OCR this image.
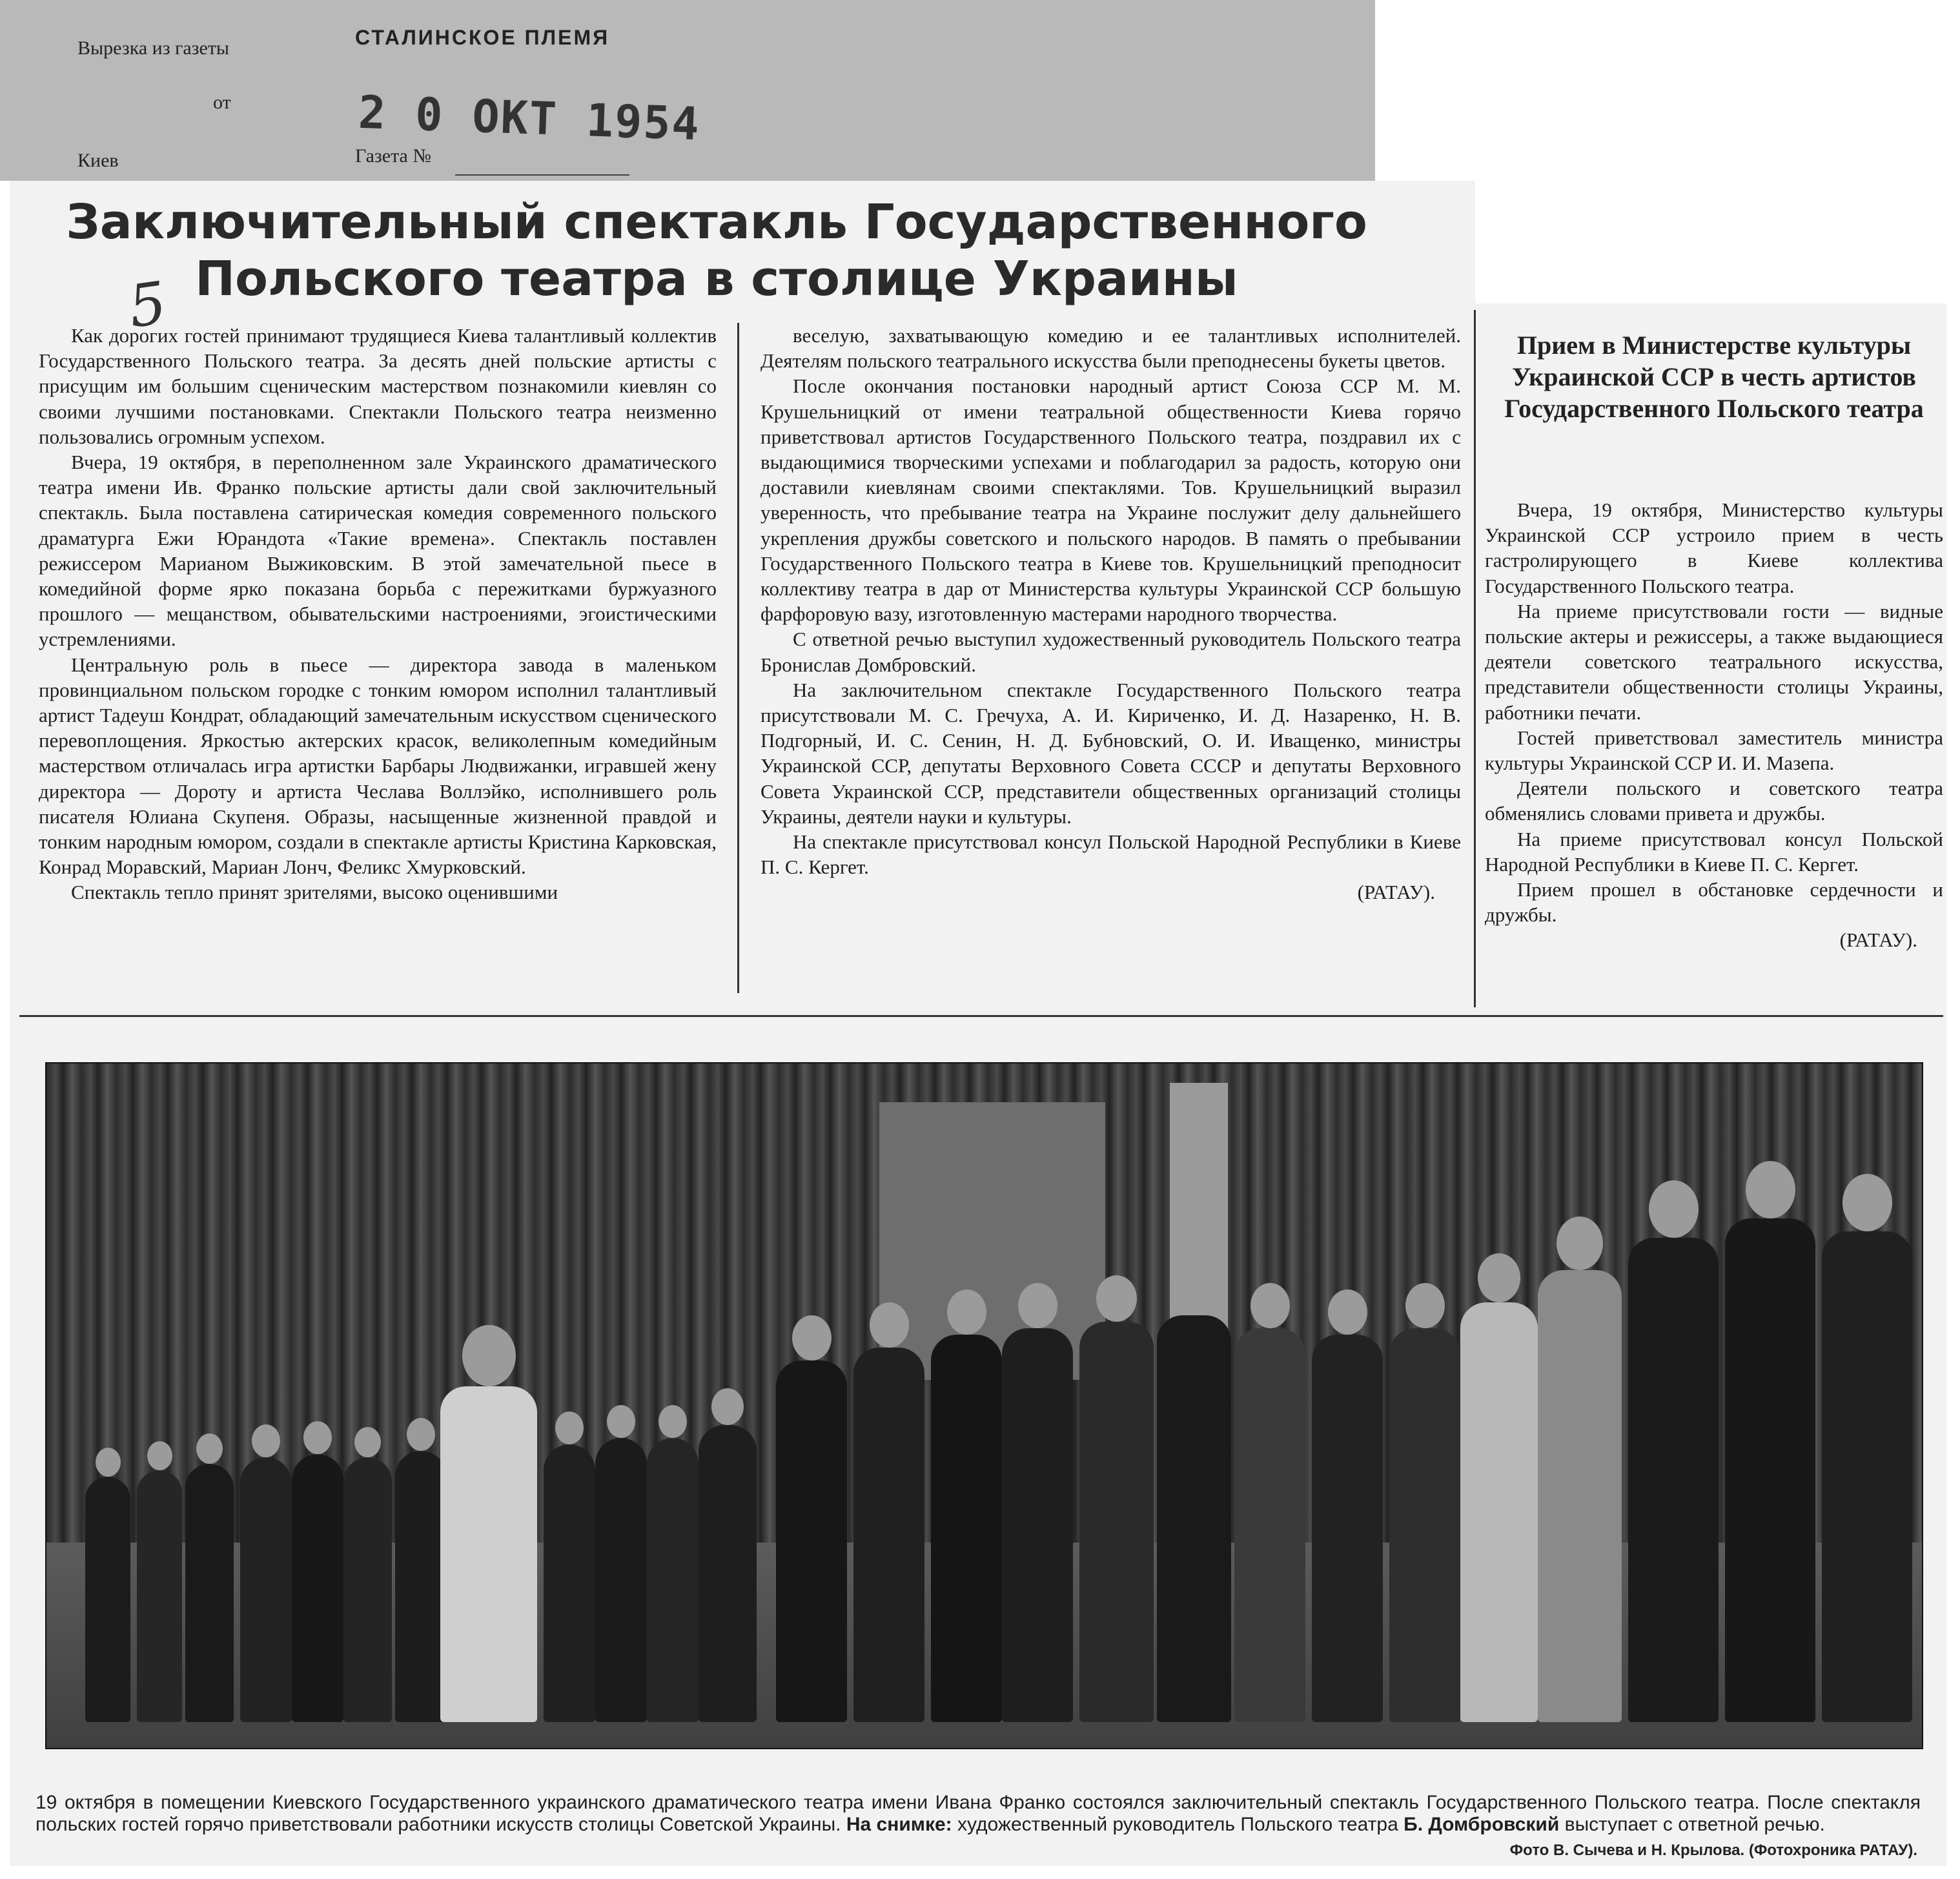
Вырезка из газеты	СТАЛИНСКОЕ ПЛЕМЯ
от	2 0 ОКТ 1954
Киев	Газета №
Заключительный спектакль Государственного
Польского театра в столице Украины
5

Как дорогих гостей принимают трудящиеся Киева талантливый коллектив Государственного Польского театра. За десять дней польские артисты с присущим им большим сценическим мастерством познакомили киевлян со своими лучшими постановками. Спектакли Польского театра неизменно пользовались огромным успехом.

Вчера, 19 октября, в переполненном зале Украинского драматического театра имени Ив. Франко польские артисты дали свой заключительный спектакль. Была поставлена сатирическая комедия современного польского драматурга Ежи Юрандота «Такие времена». Спектакль поставлен режиссером Марианом Выжиковским. В этой замечательной пьесе в комедийной форме ярко показана борьба с пережитками буржуазного прошлого — мещанством, обывательскими настроениями, эгоистическими устремлениями.

Центральную роль в пьесе — директора завода в маленьком провинциальном польском городке с тонким юмором исполнил талантливый артист Тадеуш Кондрат, обладающий замечательным искусством сценического перевоплощения. Яркостью актерских красок, великолепным комедийным мастерством отличалась игра артистки Барбары Людвижанки, игравшей жену директора — Дороту и артиста Чеслава Воллэйко, исполнившего роль писателя Юлиана Скупеня. Образы, насыщенные жизненной правдой и тонким народным юмором, создали в спектакле артисты Кристина Карковская, Конрад Моравский, Мариан Лонч, Феликс Хмурковский.

Спектакль тепло принят зрителями, высоко оценившими

веселую, захватывающую комедию и ее талантливых исполнителей. Деятелям польского театрального искусства были преподнесены букеты цветов.

После окончания постановки народный артист Союза ССР М. М. Крушельницкий от имени театральной общественности Киева горячо приветствовал артистов Государственного Польского театра, поздравил их с выдающимися творческими успехами и поблагодарил за радость, которую они доставили киевлянам своими спектаклями. Тов. Крушельницкий выразил уверенность, что пребывание театра на Украине послужит делу дальнейшего укрепления дружбы советского и польского народов. В память о пребывании Государственного Польского театра в Киеве тов. Крушельницкий преподносит коллективу театра в дар от Министерства культуры Украинской ССР большую фарфоровую вазу, изготовленную мастерами народного творчества.

С ответной речью выступил художественный руководитель Польского театра Бронислав Домбровский.

На заключительном спектакле Государственного Польского театра присутствовали М. С. Гречуха, А. И. Кириченко, И. Д. Назаренко, Н. В. Подгорный, И. С. Сенин, Н. Д. Бубновский, О. И. Иващенко, министры Украинской ССР, депутаты Верховного Совета СССР и депутаты Верховного Совета Украинской ССР, представители общественных организаций столицы Украины, деятели науки и культуры.

На спектакле присутствовал консул Польской Народной Республики в Киеве П. С. Кергет.

(РАТАУ).

Прием в Министерстве культуры Украинской ССР в честь артистов Государственного Польского театра

Вчера, 19 октября, Министерство культуры Украинской ССР устроило прием в честь гастролирующего в Киеве коллектива Государственного Польского театра.

На приеме присутствовали гости — видные польские актеры и режиссеры, а также выдающиеся деятели советского театрального искусства, представители общественности столицы Украины, работники печати.

Гостей приветствовал заместитель министра культуры Украинской ССР И. И. Мазепа.

Деятели польского и советского театра обменялись словами привета и дружбы.

На приеме присутствовал консул Польской Народной Республики в Киеве П. С. Кергет.

Прием прошел в обстановке сердечности и дружбы.

(РАТАУ).

19 октября в помещении Киевского Государственного украинского драматического театра имени Ивана Франко состоялся заключительный спектакль Государственного Польского театра. После спектакля польских гостей горячо приветствовали работники искусств столицы Советской Украины. На снимке: художественный руководитель Польского театра Б. Домбровский выступает с ответной речью.
Фото В. Сычева и Н. Крылова. (Фотохроника РАТАУ).
